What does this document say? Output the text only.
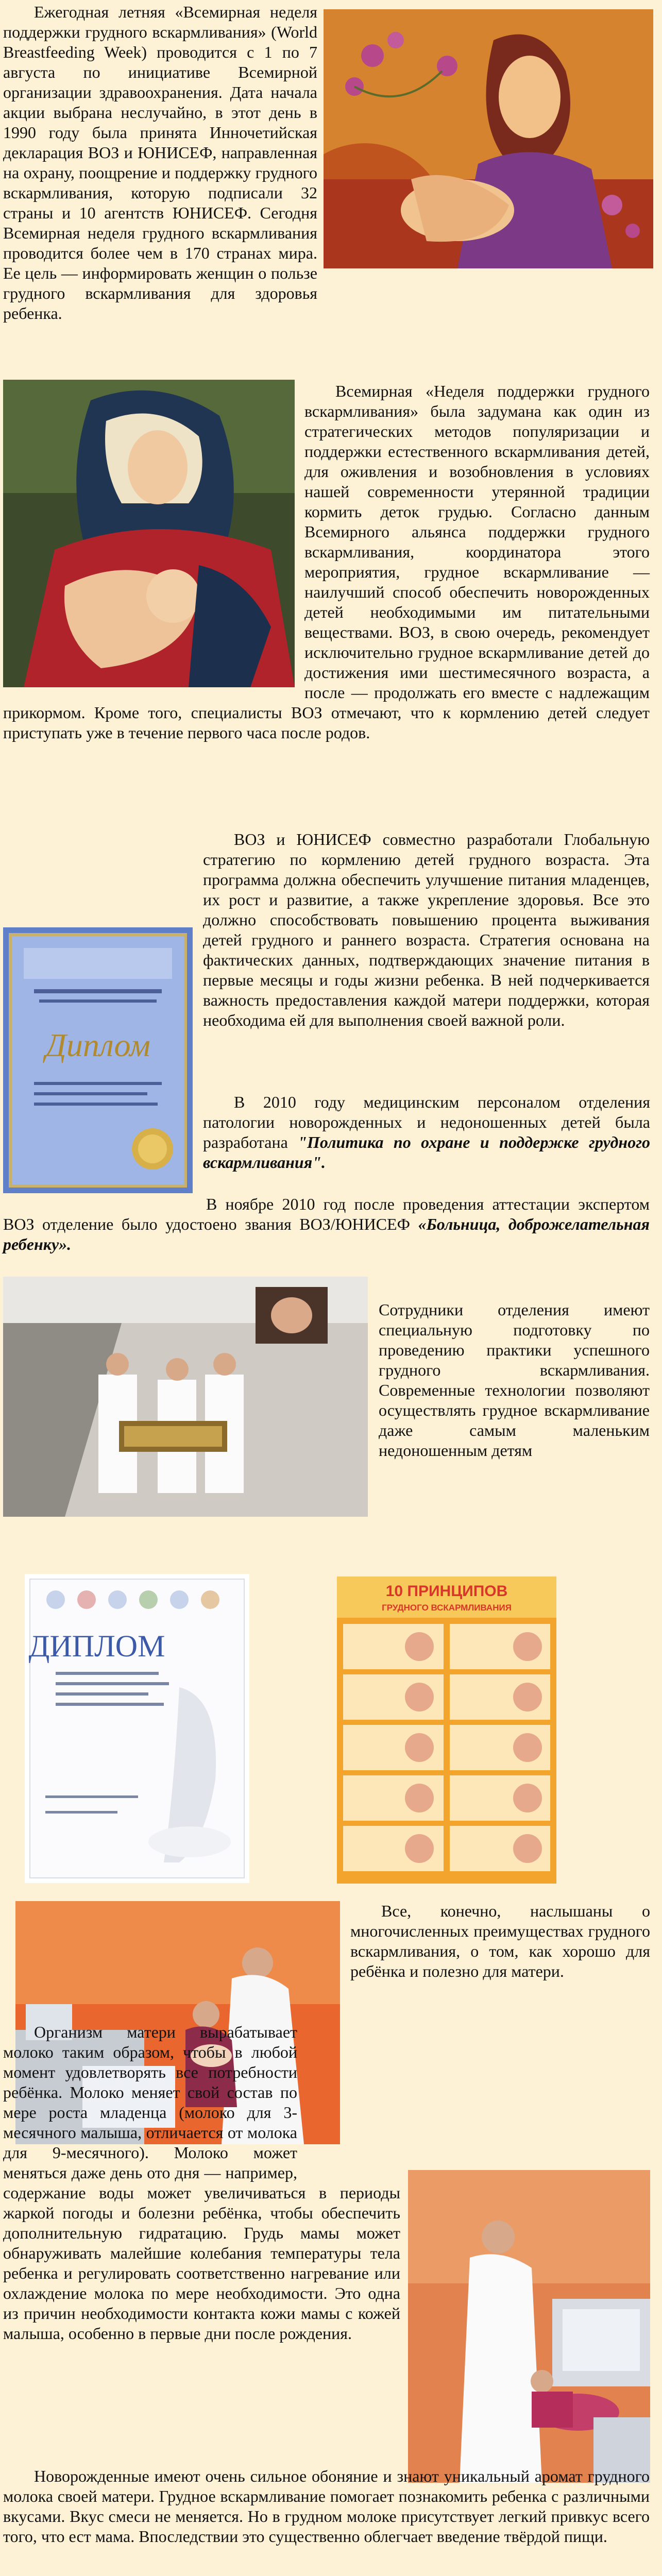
Ежегодная летняя «Всемирная неделя поддержки грудного вскармливания» (World Breastfeeding Week) проводится с 1 по 7 августа по инициативе Всемирной организации здравоохранения. Дата начала акции выбрана неслучайно, в этот день в 1990 году была принята Инночетийская декларация ВОЗ и ЮНИСЕФ, направленная на охрану, поощрение и поддержку грудного вскармливания, которую подписали 32 страны и 10 агентств ЮНИСЕФ. Сегодня Всемирная неделя грудного вскармливания проводится более чем в 170 странах мира. Ее цель — информировать женщин о пользе грудного вскармливания для здоровья ребенка.

Всемирная «Неделя поддержки грудного вскармливания» была задумана как один из стратегических методов популяризации и поддержки естественного вскармливания детей, для оживления и возобновления в условиях нашей современности утерянной традиции кормить деток грудью. Согласно данным Всемирного альянса поддержки грудного вскармливания, координатора этого мероприятия, грудное вскармливание — наилучший способ обеспечить новорожденных детей необходимыми им питательными веществами. ВОЗ, в свою очередь, рекомендует исключительно грудное вскармливание детей до достижения ими шестимесячного возраста, а после — продолжать его вместе с надлежащим прикормом. Кроме того, специалисты ВОЗ отмечают, что к кормлению детей следует приступать уже в течение первого часа после родов.

Диплом

ВОЗ и ЮНИСЕФ совместно разработали Глобальную стратегию по кормлению детей грудного возраста. Эта программа должна обеспечить улучшение питания младенцев, их рост и развитие, а также укрепление здоровья. Все это должно способствовать повышению процента выживания детей грудного и раннего возраста. Стратегия основана на фактических данных, подтверждающих значение питания в первые месяцы и годы жизни ребенка. В ней подчеркивается важность предоставления каждой матери поддержки, которая необходима ей для выполнения своей важной роли.

В 2010 году медицинским персоналом отделения патологии новорожденных и недоношенных детей была разработана "Политика по охране и поддержке грудного вскармливания".

В ноябре 2010 год после проведения аттестации экспертом ВОЗ отделение было удостоено звания ВОЗ/ЮНИСЕФ «Больница, доброжелательная ребенку».

Сотрудники отделения имеют специальную подготовку по проведению практики успешного грудного вскармливания. Современные технологии позволяют осуществлять грудное вскармливание даже самым маленьким недоношенным детям

ДИПЛОМ
10 ПРИНЦИПОВ
ГРУДНОГО ВСКАРМЛИВАНИЯ

Все, конечно, наслышаны о многочисленных преимуществах грудного вскармливания, о том, как хорошо для ребёнка и полезно для матери.

Организм матери вырабатывает молоко таким образом, чтобы в любой момент удовлетворять все потребности ребёнка. Молоко меняет свой состав по мере роста младенца (молоко для 3-месячного малыша, отличается от молока для 9-месячного). Молоко может меняться даже день ото дня — например, содержание воды может увеличиваться в периоды жаркой погоды и болезни ребёнка, чтобы обеспечить дополнительную гидратацию. Грудь мамы может обнаруживать малейшие колебания температуры тела ребенка и регулировать соответственно нагревание или охлаждение молока по мере необходимости. Это одна из причин необходимости контакта кожи мамы с кожей малыша, особенно в первые дни после рождения.

Новорожденные имеют очень сильное обоняние и знают уникальный аромат грудного молока своей матери. Грудное вскармливание помогает познакомить ребенка с различными вкусами. Вкус смеси не меняется. Но в грудном молоке присутствует легкий привкус всего того, что ест мама. Впоследствии это существенно облегчает введение твёрдой пищи.
